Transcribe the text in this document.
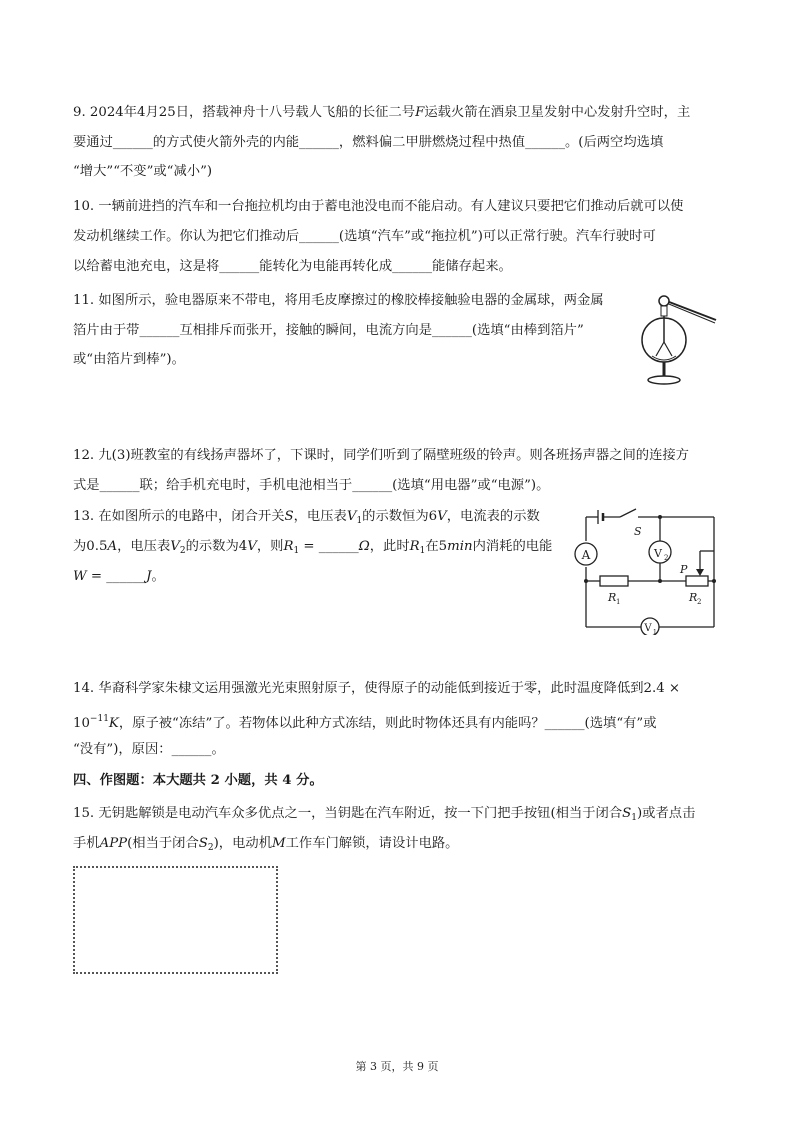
9. 2024年4月25日，搭载神舟十八号载人飞船的长征二号F运载火箭在酒泉卫星发射中心发射升空时，主
要通过______的方式使火箭外壳的内能______，燃料偏二甲肼燃烧过程中热值______。(后两空均选填
“增大”“不变”或“减小”)
10. 一辆前进挡的汽车和一台拖拉机均由于蓄电池没电而不能启动。有人建议只要把它们推动后就可以使
发动机继续工作。你认为把它们推动后______(选填“汽车”或“拖拉机”)可以正常行驶。汽车行驶时可
以给蓄电池充电，这是将______能转化为电能再转化成______能储存起来。
11. 如图所示，验电器原来不带电，将用毛皮摩擦过的橡胶棒接触验电器的金属球，两金属
箔片由于带______互相排斥而张开，接触的瞬间，电流方向是______(选填“由棒到箔片”
或“由箔片到棒”)。
12. 九(3)班教室的有线扬声器坏了，下课时，同学们听到了隔壁班级的铃声。则各班扬声器之间的连接方
式是______联；给手机充电时，手机电池相当于______(选填“用电器”或“电源”)。
13. 在如图所示的电路中，闭合开关S，电压表$V_1$的示数恒为6V，电流表的示数
为0.5A，电压表$V_2$的示数为4V，则$R_1$ = ______Ω，此时$R_1$在5min内消耗的电能
W = ______J。
A	V 2
V 1
S
P
R 1	R 2
14. 华裔科学家朱棣文运用强激光光束照射原子，使得原子的动能低到接近于零，此时温度降低到2.4 ×
$10^{-11}K$，原子被“冻结”了。若物体以此种方式冻结，则此时物体还具有内能吗？______(选填“有”或
“没有”)，原因：______。
四、作图题：本大题共 2 小题，共 4 分。
15. 无钥匙解锁是电动汽车众多优点之一，当钥匙在汽车附近，按一下门把手按钮(相当于闭合$S_1$)或者点击
手机APP(相当于闭合$S_2$)，电动机M工作车门解锁，请设计电路。
第 3 页，共 9 页
